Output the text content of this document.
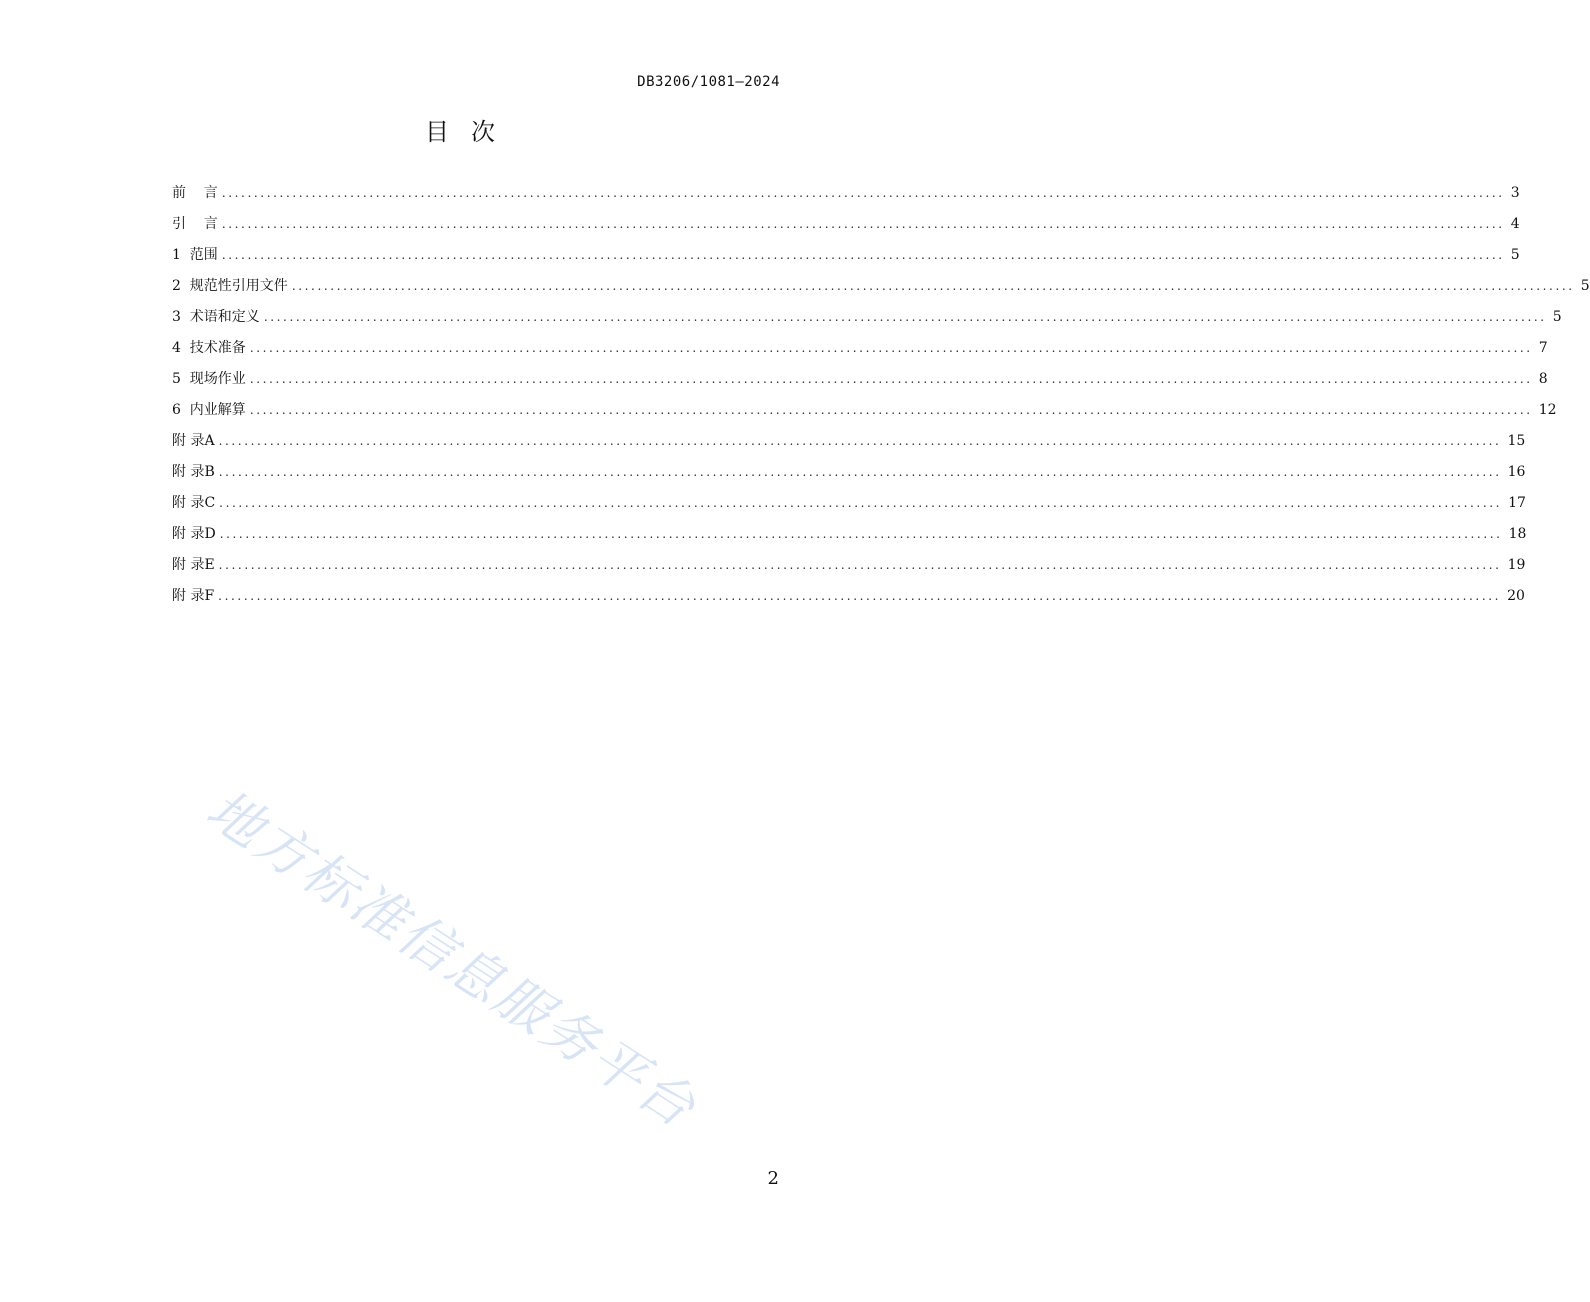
DB3206/1081—2024
目次
前    言 ........................................................................................................................................................................................................ 3
引    言 ........................................................................................................................................................................................................ 4
1  范围 ........................................................................................................................................................................................................ 5
2  规范性引用文件 ........................................................................................................................................................................................................ 5
3  术语和定义 ........................................................................................................................................................................................................ 5
4  技术准备 ........................................................................................................................................................................................................ 7
5  现场作业 ........................................................................................................................................................................................................ 8
6  内业解算 ........................................................................................................................................................................................................ 12
附 录A ........................................................................................................................................................................................................ 15
附 录B ........................................................................................................................................................................................................ 16
附 录C ........................................................................................................................................................................................................ 17
附 录D ........................................................................................................................................................................................................ 18
附 录E ........................................................................................................................................................................................................ 19
附 录F ........................................................................................................................................................................................................ 20
地方标准信息服务平台
2
